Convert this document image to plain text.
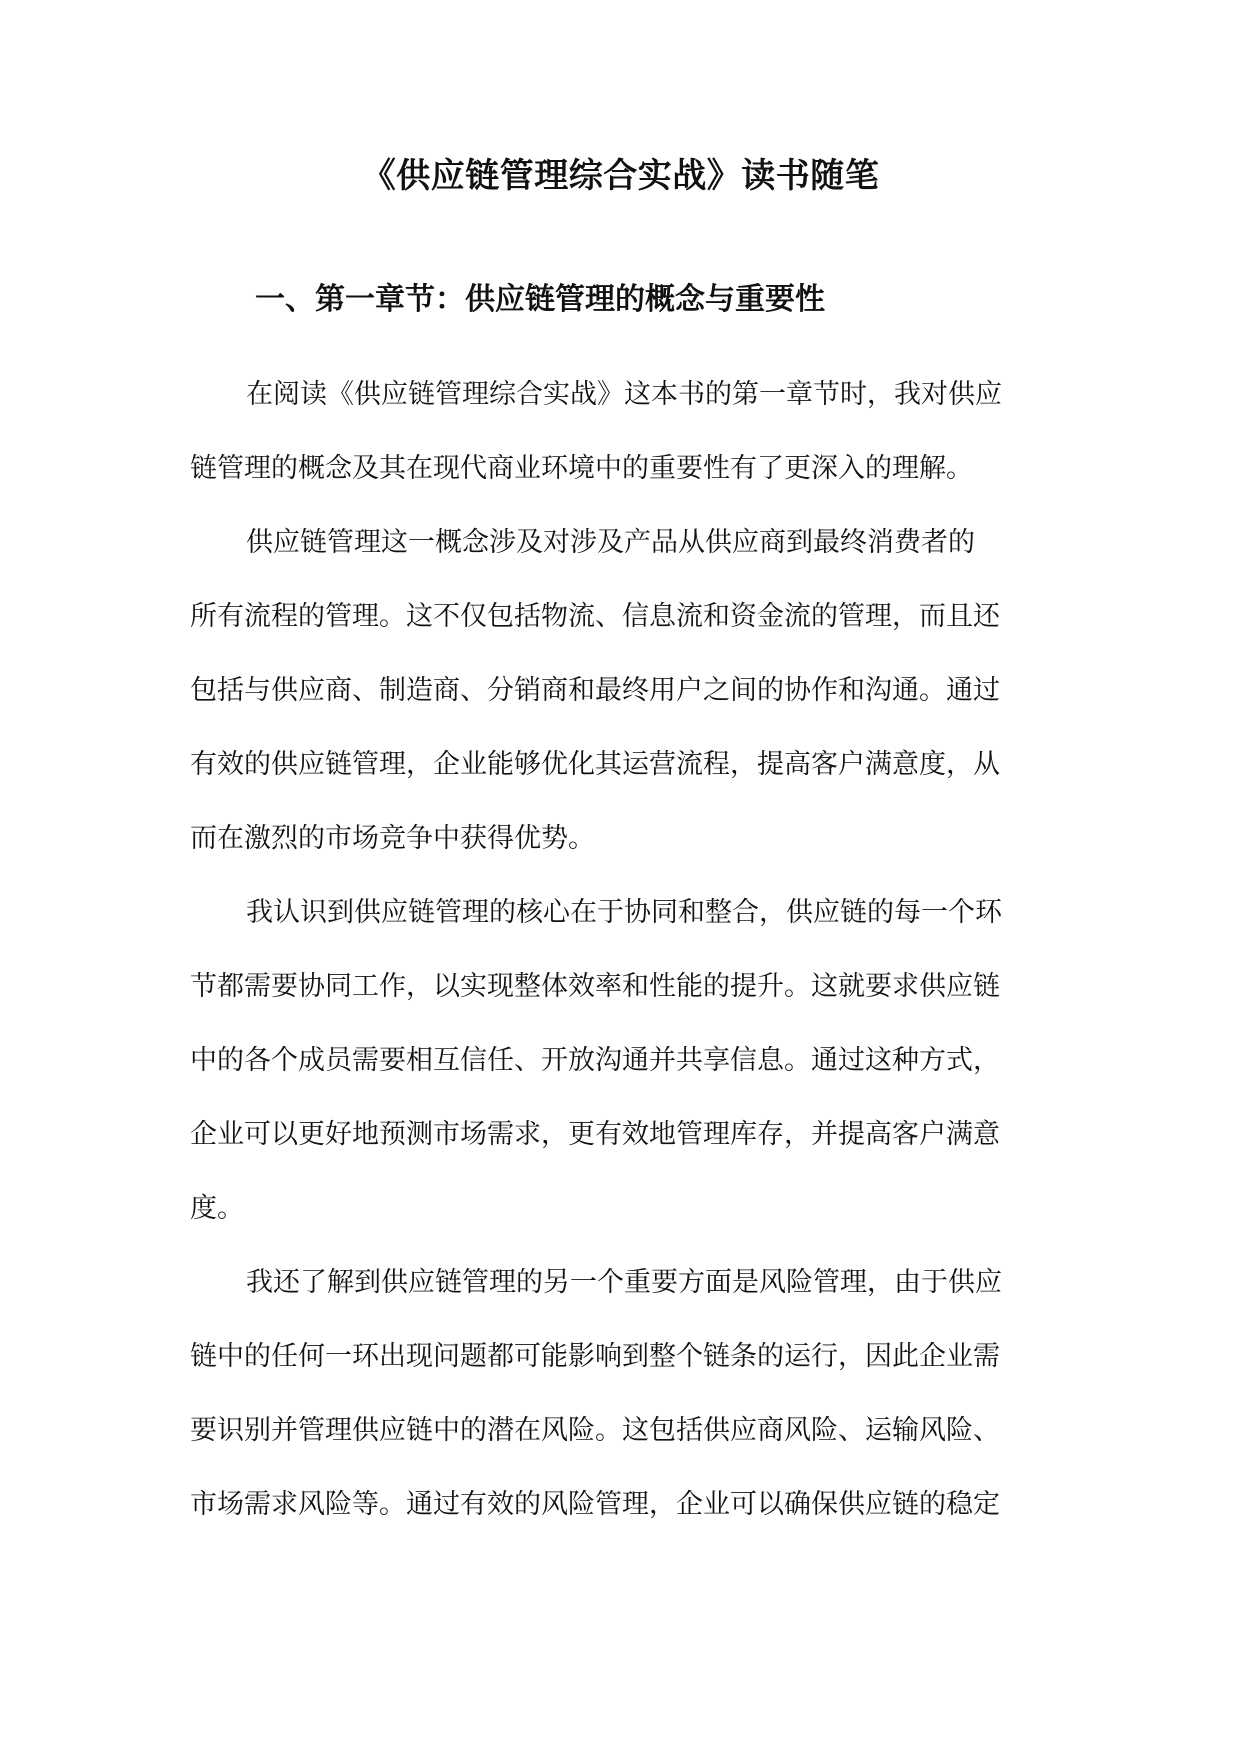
《供应链管理综合实战》读书随笔
一、第一章节：供应链管理的概念与重要性
在阅读《供应链管理综合实战》这本书的第一章节时，我对供应
链管理的概念及其在现代商业环境中的重要性有了更深入的理解。
供应链管理这一概念涉及对涉及产品从供应商到最终消费者的
所有流程的管理。这不仅包括物流、信息流和资金流的管理，而且还
包括与供应商、制造商、分销商和最终用户之间的协作和沟通。通过
有效的供应链管理，企业能够优化其运营流程，提高客户满意度，从
而在激烈的市场竞争中获得优势。
我认识到供应链管理的核心在于协同和整合，供应链的每一个环
节都需要协同工作，以实现整体效率和性能的提升。这就要求供应链
中的各个成员需要相互信任、开放沟通并共享信息。通过这种方式，
企业可以更好地预测市场需求，更有效地管理库存，并提高客户满意
度。
我还了解到供应链管理的另一个重要方面是风险管理，由于供应
链中的任何一环出现问题都可能影响到整个链条的运行，因此企业需
要识别并管理供应链中的潜在风险。这包括供应商风险、运输风险、
市场需求风险等。通过有效的风险管理，企业可以确保供应链的稳定
